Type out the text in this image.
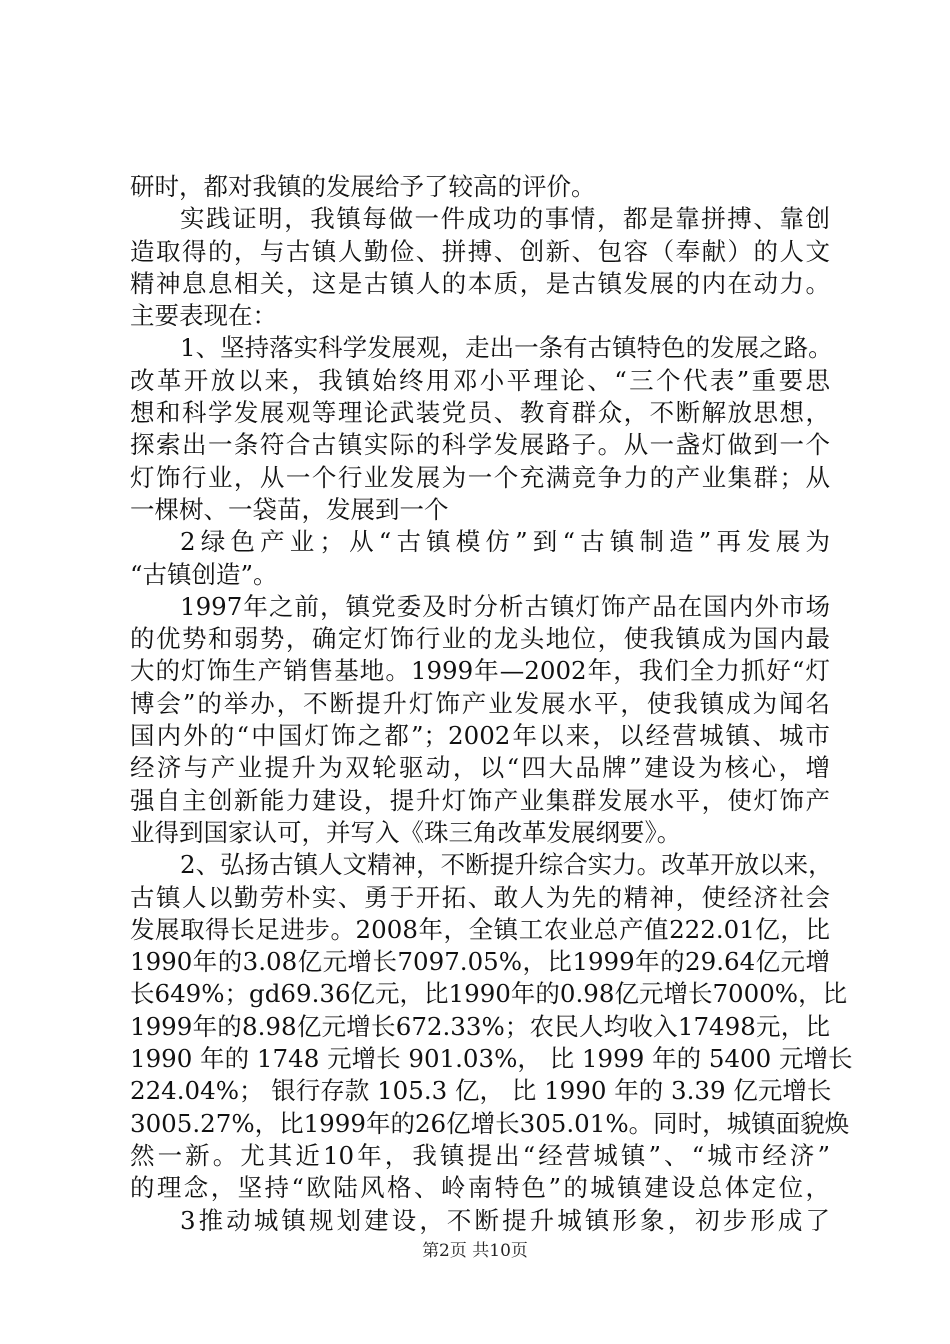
研时，都对我镇的发展给予了较高的评价。
实践证明，我镇每做一件成功的事情，都是靠拼搏、靠创
造取得的，与古镇人勤俭、拼搏、创新、包容（奉献）的人文
精神息息相关，这是古镇人的本质，是古镇发展的内在动力。
主要表现在：
1、坚持落实科学发展观，走出一条有古镇特色的发展之路。
改革开放以来，我镇始终用邓小平理论、“三个代表”重要思
想和科学发展观等理论武装党员、教育群众，不断解放思想，
探索出一条符合古镇实际的科学发展路子。从一盏灯做到一个
灯饰行业，从一个行业发展为一个充满竞争力的产业集群；从
一棵树、一袋苗，发展到一个
2绿色产业；从“古镇模仿”到“古镇制造”再发展为
“古镇创造”。
1997年之前，镇党委及时分析古镇灯饰产品在国内外市场
的优势和弱势，确定灯饰行业的龙头地位，使我镇成为国内最
大的灯饰生产销售基地。1999年—2002年，我们全力抓好“灯
博会”的举办，不断提升灯饰产业发展水平，使我镇成为闻名
国内外的“中国灯饰之都”；2002年以来，以经营城镇、城市
经济与产业提升为双轮驱动，以“四大品牌”建设为核心，增
强自主创新能力建设，提升灯饰产业集群发展水平，使灯饰产
业得到国家认可，并写入《珠三角改革发展纲要》。
2、弘扬古镇人文精神，不断提升综合实力。改革开放以来，
古镇人以勤劳朴实、勇于开拓、敢人为先的精神，使经济社会
发展取得长足进步。2008年，全镇工农业总产值222.01亿，比
1990年的3.08亿元增长7097.05%，比1999年的29.64亿元增
长649%；gd69.36亿元，比1990年的0.98亿元增长7000%，比
1999年的8.98亿元增长672.33%；农民人均收入17498元，比
1990 年的 1748 元增长 901.03%， 比 1999 年的 5400 元增长
224.04%； 银行存款 105.3 亿， 比 1990 年的 3.39 亿元增长
3005.27%，比1999年的26亿增长305.01%。同时，城镇面貌焕
然一新。尤其近10年，我镇提出“经营城镇”、“城市经济”
的理念，坚持“欧陆风格、岭南特色”的城镇建设总体定位，
3推动城镇规划建设，不断提升城镇形象，初步形成了
第2页 共10页
